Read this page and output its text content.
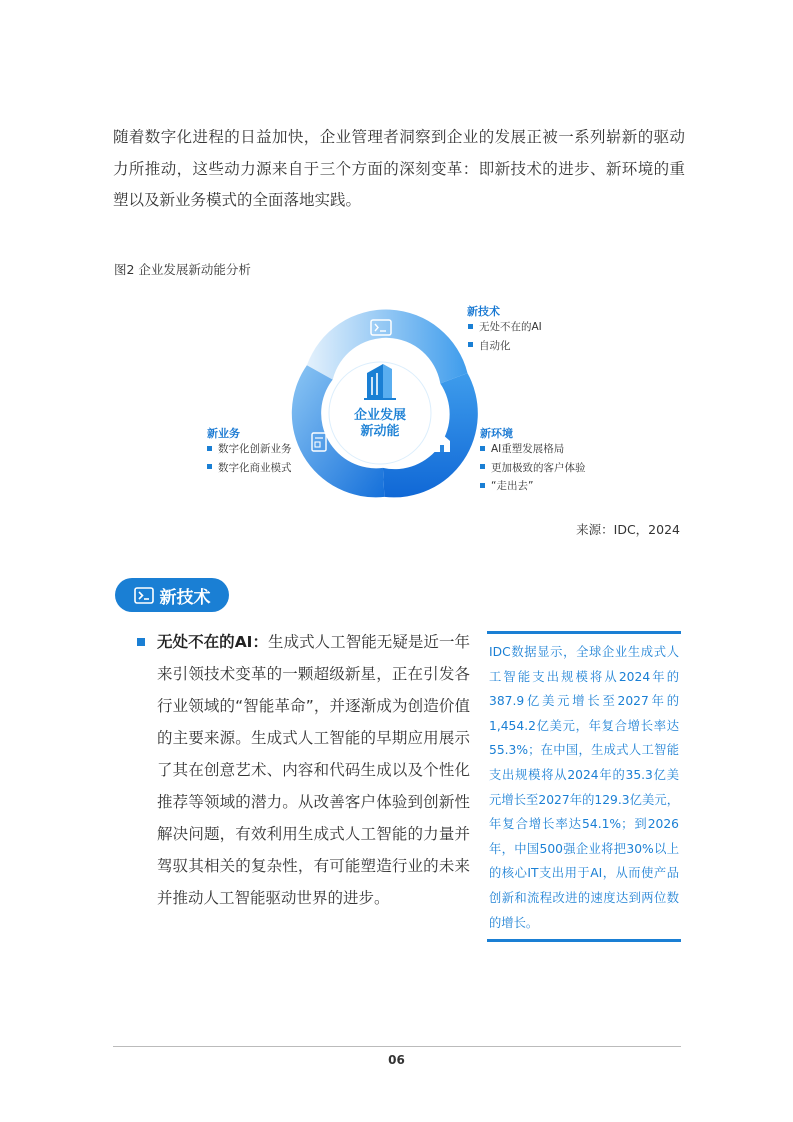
随着数字化进程的日益加快，企业管理者洞察到企业的发展正被一系列崭新的驱动力所推动，这些动力源来自于三个方面的深刻变革：即新技术的进步、新环境的重塑以及新业务模式的全面落地实践。

图2 企业发展新动能分析
企业发展
新动能
新技术
无处不在的AI
自动化
新环境
AI重塑发展格局
更加极致的客户体验
“走出去”
新业务
数字化创新业务
数字化商业模式
来源：IDC，2024
新技术

无处不在的AI：生成式人工智能无疑是近一年来引领技术变革的一颗超级新星，正在引发各行业领域的“智能革命”，并逐渐成为创造价值的主要来源。生成式人工智能的早期应用展示了其在创意艺术、内容和代码生成以及个性化推荐等领域的潜力。从改善客户体验到创新性解决问题，有效利用生成式人工智能的力量并驾驭其相关的复杂性，有可能塑造行业的未来并推动人工智能驱动世界的进步。

IDC数据显示，全球企业生成式人工智能支出规模将从2024年的387.9亿美元增长至2027年的1,454.2亿美元，年复合增长率达55.3%；在中国，生成式人工智能支出规模将从2024年的35.3亿美元增长至2027年的129.3亿美元，年复合增长率达54.1%；到2026年，中国500强企业将把30%以上的核心IT支出用于AI，从而使产品创新和流程改进的速度达到两位数的增长。

06
